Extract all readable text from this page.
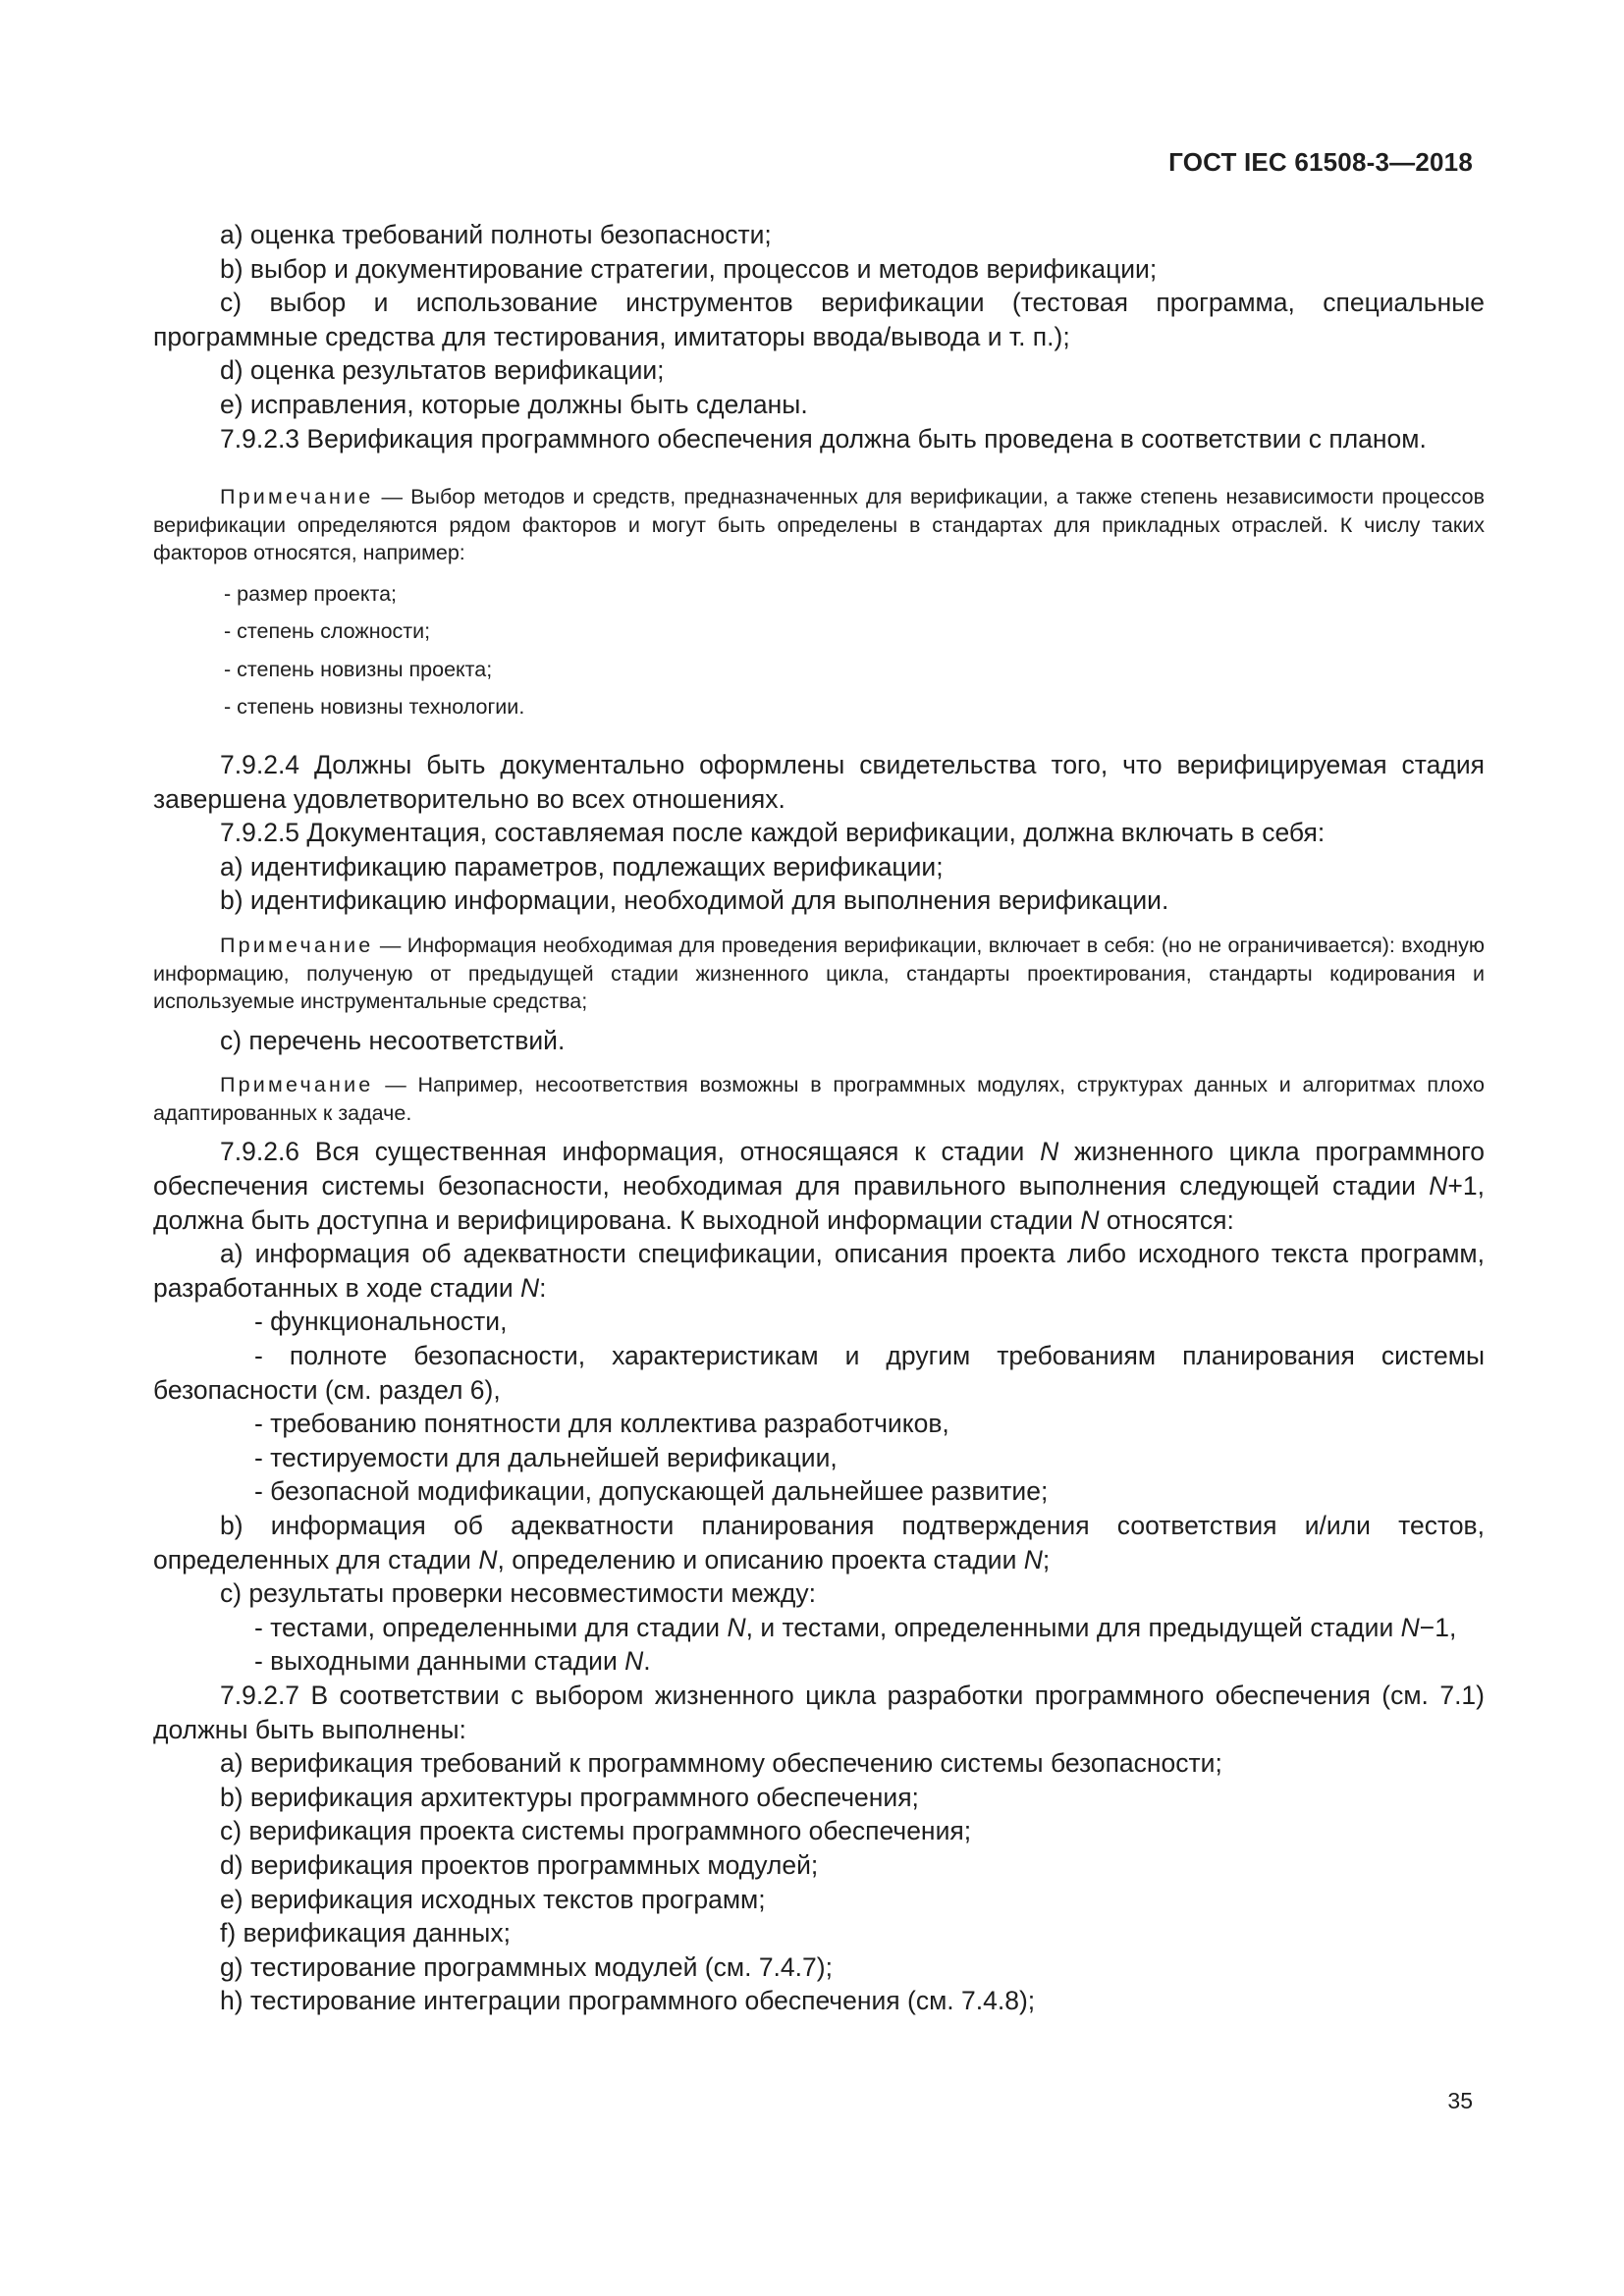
ГОСТ IEC 61508-3—2018

a) оценка требований полноты безопасности;

b) выбор и документирование стратегии, процессов и методов верификации;

c) выбор и использование инструментов верификации (тестовая программа, специальные программные средства для тестирования, имитаторы ввода/вывода и т. п.);

d) оценка результатов верификации;

e) исправления, которые должны быть сделаны.

7.9.2.3 Верификация программного обеспечения должна быть проведена в соответствии с планом.

Примечание — Выбор методов и средств, предназначенных для верификации, а также степень независимости процессов верификации определяются рядом факторов и могут быть определены в стандартах для прикладных отраслей. К числу таких факторов относятся, например:

- размер проекта;
- степень сложности;
- степень новизны проекта;
- степень новизны технологии.

7.9.2.4 Должны быть документально оформлены свидетельства того, что верифицируемая стадия завершена удовлетворительно во всех отношениях.

7.9.2.5 Документация, составляемая после каждой верификации, должна включать в себя:

a) идентификацию параметров, подлежащих верификации;

b) идентификацию информации, необходимой для выполнения верификации.

Примечание — Информация необходимая для проведения верификации, включает в себя: (но не ограничивается): входную информацию, полученую от предыдущей стадии жизненного цикла, стандарты проектирования, стандарты кодирования и используемые инструментальные средства;

c) перечень несоответствий.

Примечание — Например, несоответствия возможны в программных модулях, структурах данных и алгоритмах плохо адаптированных к задаче.

7.9.2.6 Вся существенная информация, относящаяся к стадии N жизненного цикла программного обеспечения системы безопасности, необходимая для правильного выполнения следующей стадии N+1, должна быть доступна и верифицирована. К выходной информации стадии N относятся:

a) информация об адекватности спецификации, описания проекта либо исходного текста программ, разработанных в ходе стадии N:

- функциональности,

- полноте безопасности, характеристикам и другим требованиям планирования системы безопасности (см. раздел 6),

- требованию понятности для коллектива разработчиков,

- тестируемости для дальнейшей верификации,

- безопасной модификации, допускающей дальнейшее развитие;

b) информация об адекватности планирования подтверждения соответствия и/или тестов, определенных для стадии N, определению и описанию проекта стадии N;

c) результаты проверки несовместимости между:

- тестами, определенными для стадии N, и тестами, определенными для предыдущей стадии N−1,

- выходными данными стадии N.

7.9.2.7 В соответствии с выбором жизненного цикла разработки программного обеспечения (см. 7.1) должны быть выполнены:

a) верификация требований к программному обеспечению системы безопасности;

b) верификация архитектуры программного обеспечения;

c) верификация проекта системы программного обеспечения;

d) верификация проектов программных модулей;

e) верификация исходных текстов программ;

f) верификация данных;

g) тестирование программных модулей (см. 7.4.7);

h) тестирование интеграции программного обеспечения (см. 7.4.8);

35
